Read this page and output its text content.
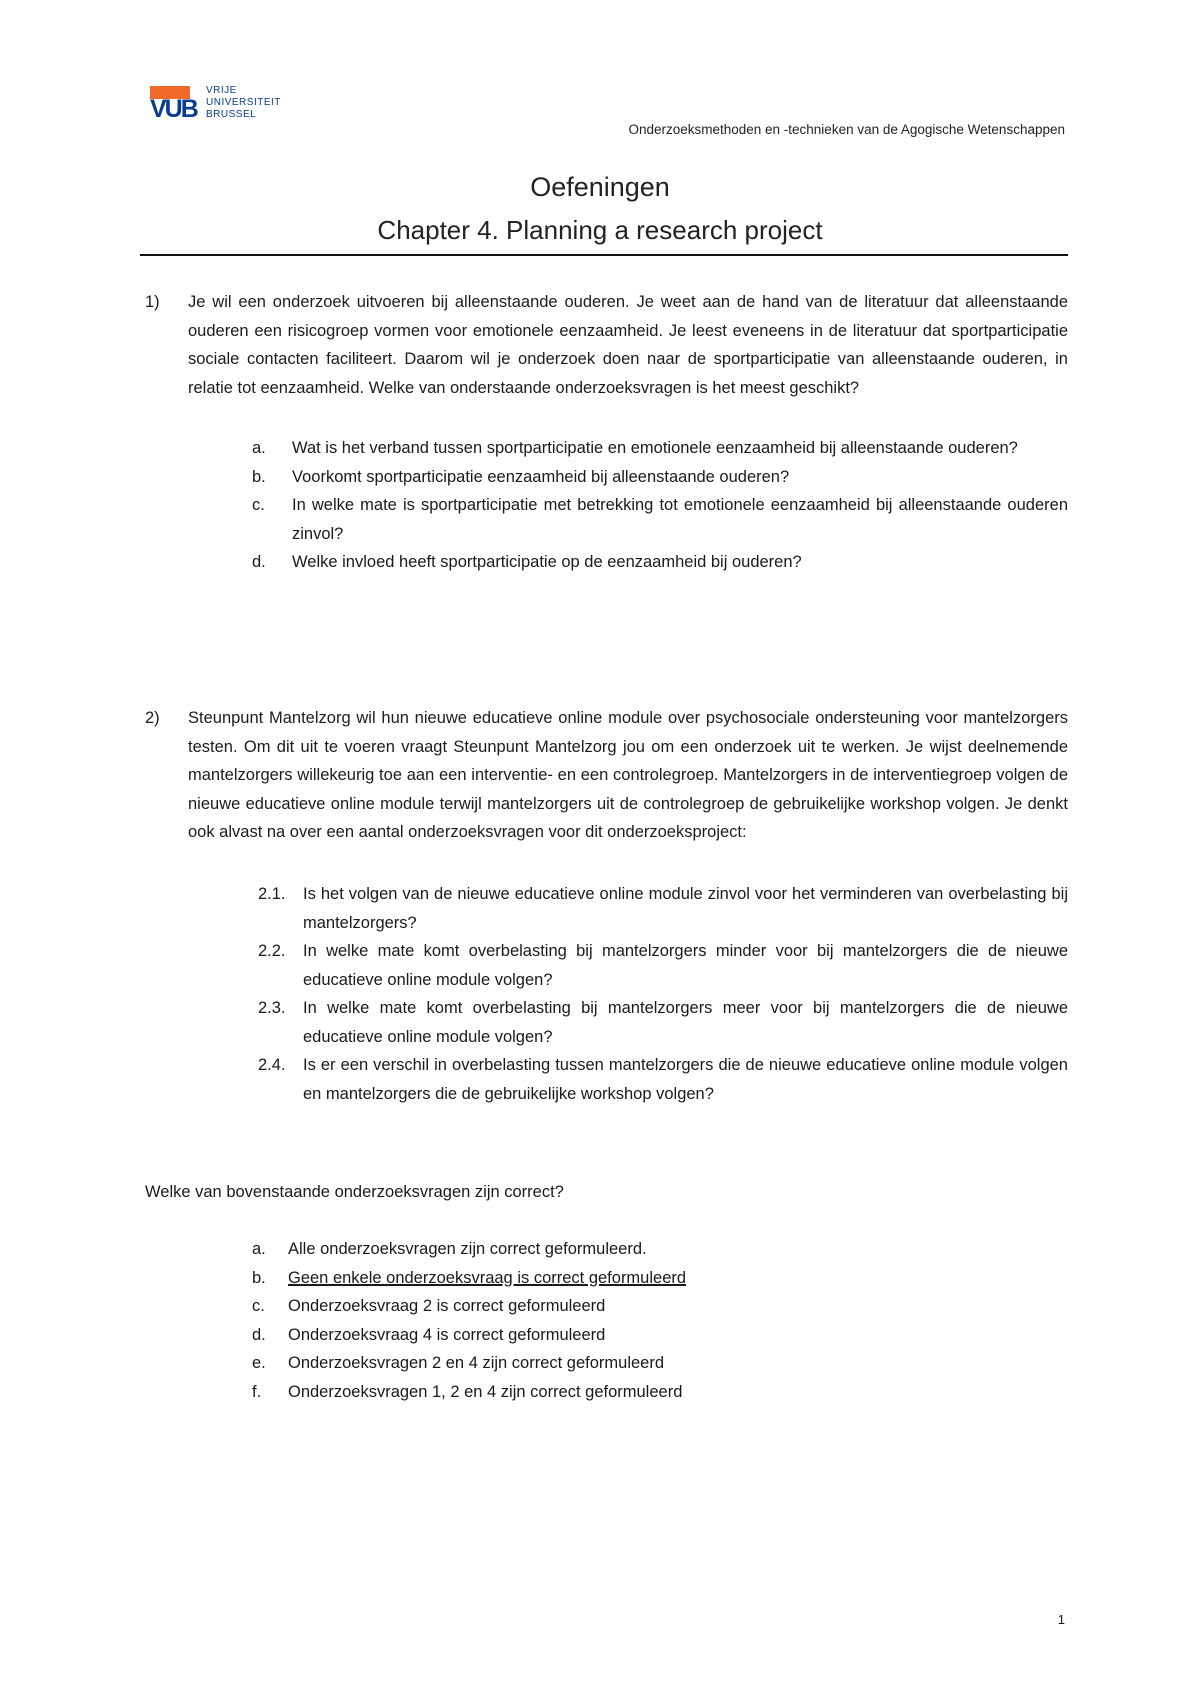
VUB
VRIJE
UNIVERSITEIT
BRUSSEL
Onderzoeksmethoden en -technieken van de Agogische Wetenschappen
Oefeningen
Chapter 4. Planning a research project
1) Je wil een onderzoek uitvoeren bij alleenstaande ouderen. Je weet aan de hand van de literatuur dat alleenstaande ouderen een risicogroep vormen voor emotionele eenzaamheid. Je leest eveneens in de literatuur dat sportparticipatie sociale contacten faciliteert. Daarom wil je onderzoek doen naar de sportparticipatie van alleenstaande ouderen, in relatie tot eenzaamheid. Welke van onderstaande onderzoeksvragen is het meest geschikt?
a. Wat is het verband tussen sportparticipatie en emotionele eenzaamheid bij alleenstaande ouderen?
b. Voorkomt sportparticipatie eenzaamheid bij alleenstaande ouderen?
c. In welke mate is sportparticipatie met betrekking tot emotionele eenzaamheid bij alleenstaande ouderen zinvol?
d. Welke invloed heeft sportparticipatie op de eenzaamheid bij ouderen?
2) Steunpunt Mantelzorg wil hun nieuwe educatieve online module over psychosociale ondersteuning voor mantelzorgers testen. Om dit uit te voeren vraagt Steunpunt Mantelzorg jou om een onderzoek uit te werken. Je wijst deelnemende mantelzorgers willekeurig toe aan een interventie- en een controlegroep. Mantelzorgers in de interventiegroep volgen de nieuwe educatieve online module terwijl mantelzorgers uit de controlegroep de gebruikelijke workshop volgen. Je denkt ook alvast na over een aantal onderzoeksvragen voor dit onderzoeksproject:
2.1. Is het volgen van de nieuwe educatieve online module zinvol voor het verminderen van overbelasting bij mantelzorgers?
2.2. In welke mate komt overbelasting bij mantelzorgers minder voor bij mantelzorgers die de nieuwe educatieve online module volgen?
2.3. In welke mate komt overbelasting bij mantelzorgers meer voor bij mantelzorgers die de nieuwe educatieve online module volgen?
2.4. Is er een verschil in overbelasting tussen mantelzorgers die de nieuwe educatieve online module volgen en mantelzorgers die de gebruikelijke workshop volgen?
Welke van bovenstaande onderzoeksvragen zijn correct?
a. Alle onderzoeksvragen zijn correct geformuleerd.
b. Geen enkele onderzoeksvraag is correct geformuleerd
c. Onderzoeksvraag 2 is correct geformuleerd
d. Onderzoeksvraag 4 is correct geformuleerd
e. Onderzoeksvragen 2 en 4 zijn correct geformuleerd
f. Onderzoeksvragen 1, 2 en 4 zijn correct geformuleerd
1
